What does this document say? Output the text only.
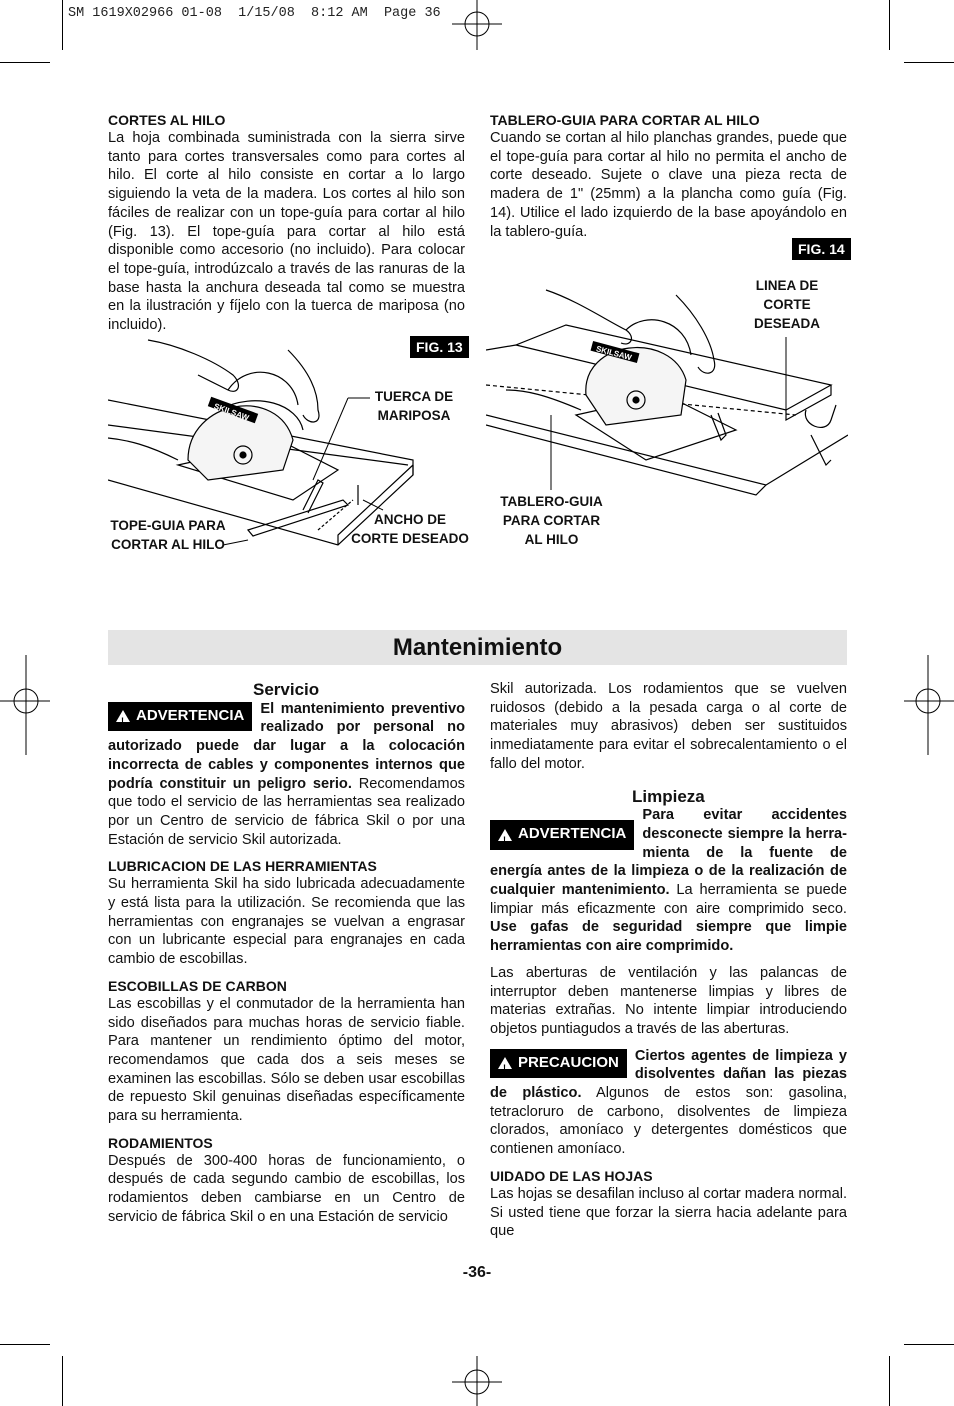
SM 1619X02966 01-08  1/15/08  8:12 AM  Page 36

CORTES AL HILO

La hoja combinada suministrada con la sierra sirve tanto para cortes transversales como para cortes al hilo. El corte al hilo consiste en cortar a lo largo siguiendo la veta de la madera. Los cortes al hilo son fáciles de realizar con un tope-guía para cortar al hilo (Fig. 13). El tope-guía para cortar al hilo está disponible como accesorio (no incluido). Para colocar el tope-guía, introdúzcalo a través de las ranuras de la base hasta la anchura deseada tal como se muestra en la ilustración y fíjelo con la tuerca de mariposa (no incluido).

TABLERO-GUIA PARA CORTAR AL HILO

Cuando se cortan al hilo planchas grandes, puede que el tope-guía para cortar al hilo no permita el ancho de corte deseado. Sujete o clave una pieza recta de madera de 1" (25mm) a la plancha como guía (Fig. 14). Utilice el lado izquierdo de la base apoyándolo en la tablero-guía.

FIG. 13
SKILSAW
TUERCA DE
MARIPOSA
TOPE-GUIA PARA
CORTAR AL HILO
ANCHO DE
CORTE DESEADO
FIG. 14
SKILSAW
LINEA DE
CORTE
DESEADA
TABLERO-GUIA
PARA CORTAR
AL HILO
Mantenimiento

Servicio

! ADVERTENCIA El mantenimiento preventivo realizado por personal no autorizado puede dar lugar a la colocación incorrecta de cables y componentes internos que podría constituir un peligro serio. Recomendamos que todo el servicio de las herramientas sea realizado por un Centro de servicio de fábrica Skil o por una Estación de servicio Skil autorizada.

LUBRICACION DE LAS HERRAMIENTAS

Su herramienta Skil ha sido lubricada adecuadamente y está lista para la utilización. Se recomienda que las herramientas con engranajes se vuelvan a engrasar con un lubricante especial para engranajes en cada cambio de escobillas.

ESCOBILLAS DE CARBON

Las escobillas y el conmutador de la herramienta han sido diseñados para muchas horas de servicio fiable. Para mantener un rendimiento óptimo del motor, recomendamos que cada dos a seis meses se examinen las escobillas. Sólo se deben usar escobillas de repuesto Skil genuinas diseñadas específicamente para su herramienta.

RODAMIENTOS

Después de 300-400 horas de funcionamiento, o después de cada segundo cambio de escobillas, los rodamientos deben cambiarse en un Centro de servicio de fábrica Skil o en una Estación de servicio

Skil autorizada. Los rodamientos que se vuelven ruidosos (debido a la pesada carga o al corte de materiales muy abrasivos) deben ser sustituidos inmediatamente para evitar el sobrecalentamiento o el fallo del motor.

Limpieza

! ADVERTENCIA
Para evitar accidentes desconecte siempre la herra-mienta de la fuente de energía antes de la limpieza o de la realización de cualquier mantenimiento. La herramienta se puede limpiar más eficazmente con aire comprimido seco. Use gafas de seguridad siempre que limpie herramientas con aire comprimido.

Las aberturas de ventilación y las palancas de interruptor deben mantenerse limpias y libres de materias extrañas. No intente limpiar introduciendo objetos puntiagudos a través de las aberturas.

! PRECAUCION Ciertos agentes de limpieza y disolventes dañan las piezas de plástico. Algunos de estos son: gasolina, tetracloruro de carbono, disolventes de limpieza clorados, amoníaco y detergentes domésticos que contienen amoníaco.

UIDADO DE LAS HOJAS

Las hojas se desafilan incluso al cortar madera normal. Si usted tiene que forzar la sierra hacia adelante para que

-36-
